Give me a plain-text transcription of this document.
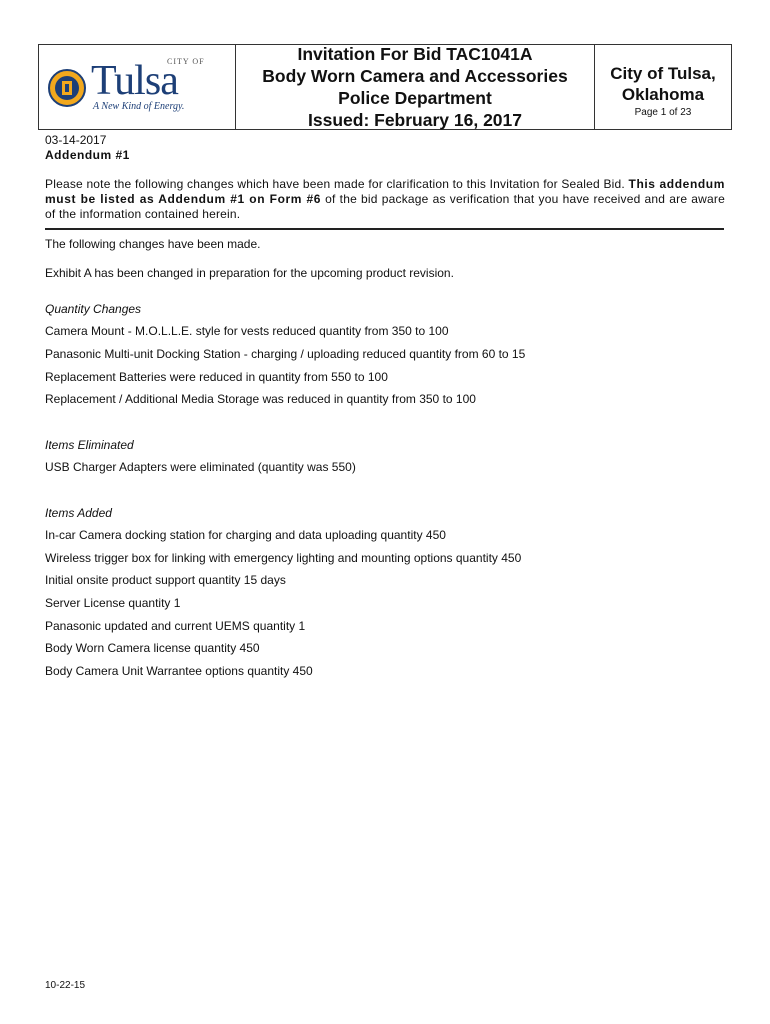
CITY OF
Tulsa
A New Kind of Energy.
Invitation For Bid TAC1041A
Body Worn Camera and Accessories
Police Department
Issued: February 16, 2017
City of Tulsa,
Oklahoma
Page 1 of 23
03-14-2017
Addendum #1
Please note the following changes which have been made for clarification to this Invitation for Sealed Bid. This addendum must be listed as Addendum #1 on Form #6 of the bid package as verification that you have received and are aware of the information contained herein.
The following changes have been made.
Exhibit A has been changed in preparation for the upcoming product revision.
Quantity Changes
Camera Mount - M.O.L.L.E. style for vests reduced quantity from 350 to 100
Panasonic Multi-unit Docking Station - charging / uploading reduced quantity from 60 to 15
Replacement Batteries were reduced in quantity from 550 to 100
Replacement / Additional Media Storage was reduced in quantity from 350 to 100
Items Eliminated
USB Charger Adapters were eliminated (quantity was 550)
Items Added
In-car Camera docking station for charging and data uploading quantity 450
Wireless trigger box for linking with emergency lighting and mounting options quantity 450
Initial onsite product support quantity 15 days
Server License quantity 1
Panasonic updated and current UEMS quantity 1
Body Worn Camera license quantity 450
Body Camera Unit Warrantee options quantity 450
10-22-15
